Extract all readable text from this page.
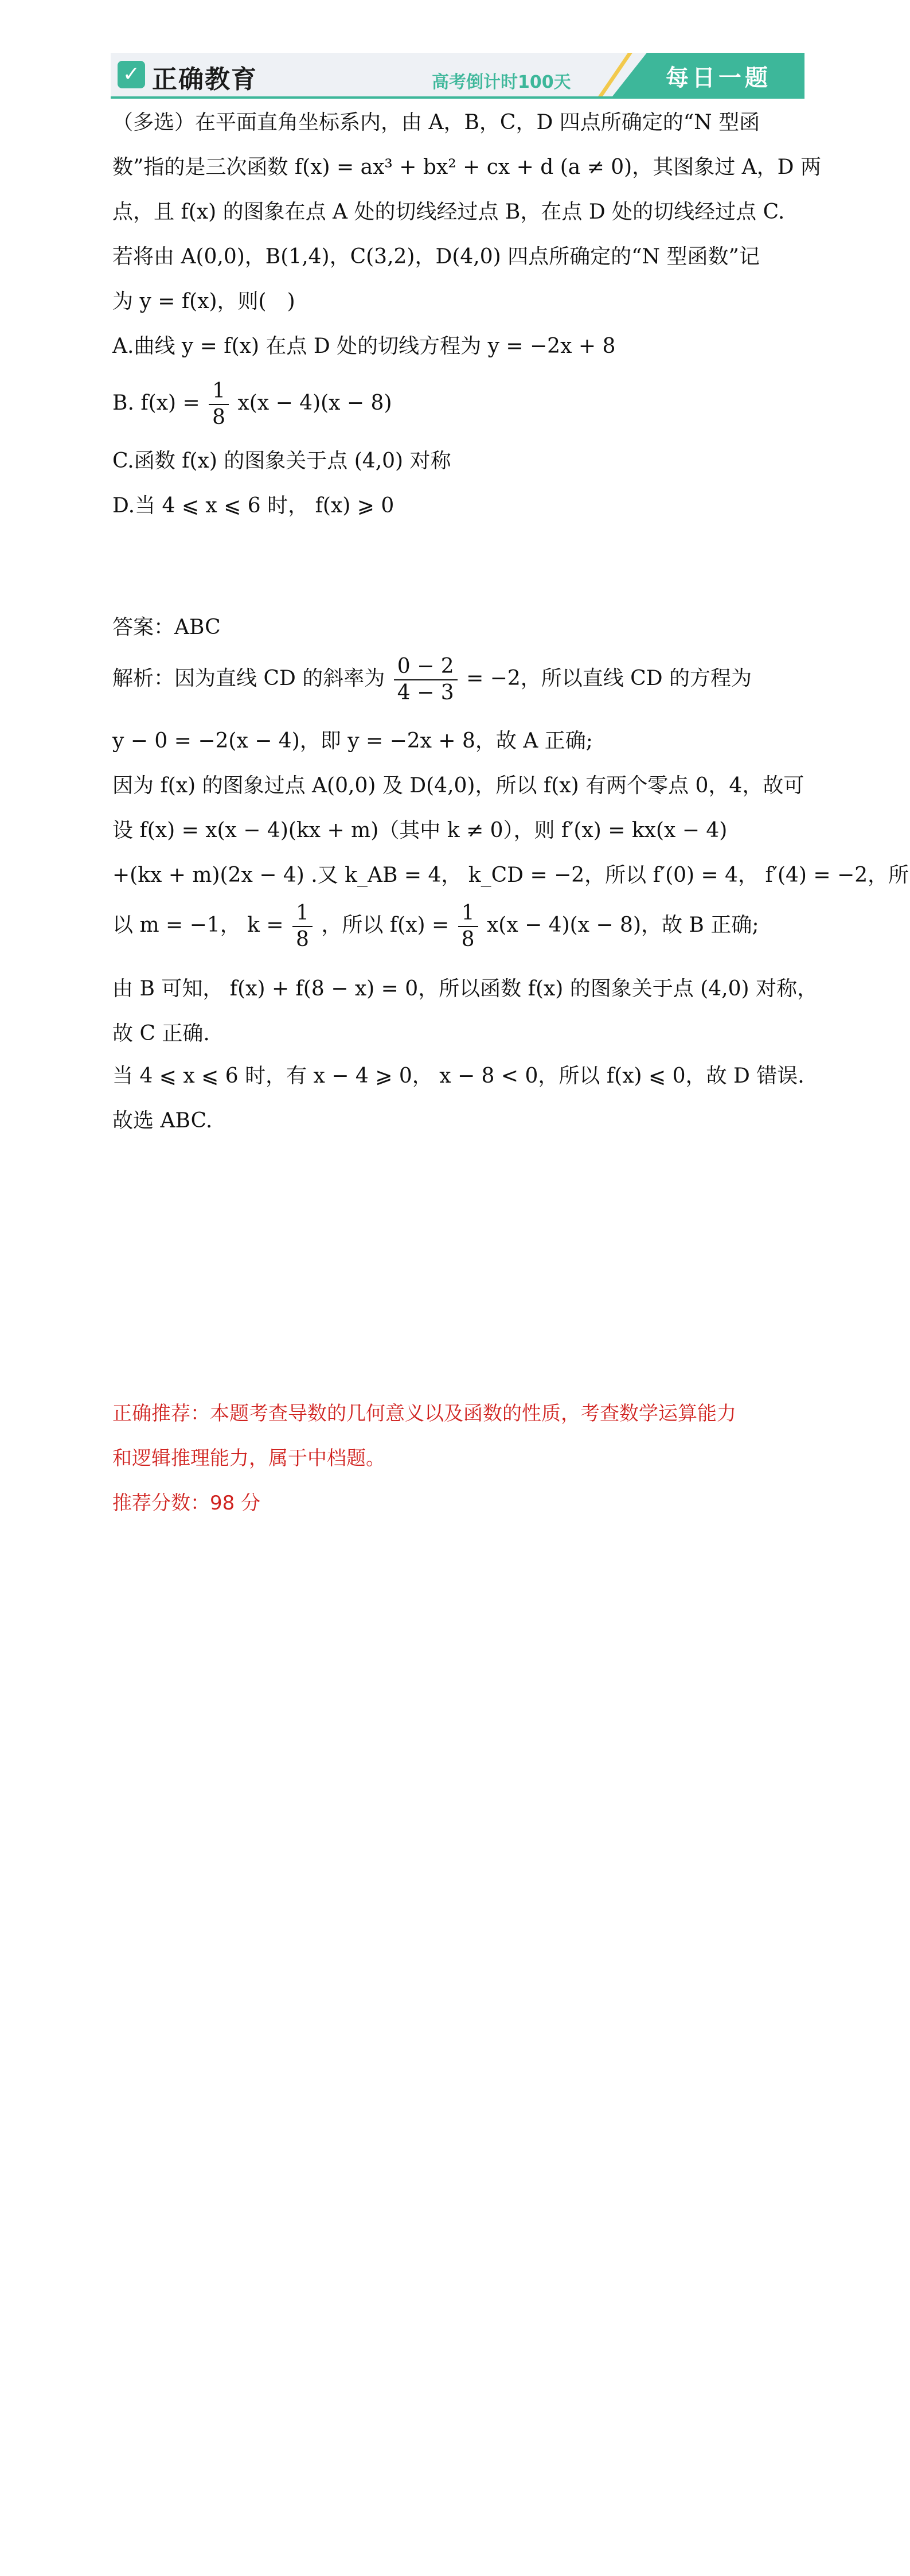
✓ 正确教育	高考倒计时100天	每日一题
（多选）在平面直角坐标系内，由 A，B，C，D 四点所确定的“N 型函
数”指的是三次函数 f(x) = ax³ + bx² + cx + d (a ≠ 0)，其图象过 A，D 两
点，且 f(x) 的图象在点 A 处的切线经过点 B，在点 D 处的切线经过点 C.
若将由 A(0,0)，B(1,4)，C(3,2)，D(4,0) 四点所确定的“N 型函数”记
为 y = f(x)，则(　)
A.曲线 y = f(x) 在点 D 处的切线方程为 y = −2x + 8
B. $f(x) = \frac{1}{8} x(x - 4)(x - 8)$
C.函数 f(x) 的图象关于点 (4,0) 对称
D.当 4 ⩽ x ⩽ 6 时， f(x) ⩾ 0
答案：ABC
解析：因为直线 CD 的斜率为 $\frac{0 - 2}{4 - 3} = -2$，所以直线 CD 的方程为
y − 0 = −2(x − 4)，即 y = −2x + 8，故 A 正确;
因为 f(x) 的图象过点 A(0,0) 及 D(4,0)，所以 f(x) 有两个零点 0，4，故可
设 f(x) = x(x − 4)(kx + m)（其中 k ≠ 0），则 f′(x) = kx(x − 4)
+(kx + m)(2x − 4) .又 k_AB = 4， k_CD = −2，所以 f′(0) = 4， f′(4) = −2，所
以 m = −1， $k = \frac{1}{8}$ ，所以 $f(x) = \frac{1}{8} x(x - 4)(x - 8)$，故 B 正确;
由 B 可知， f(x) + f(8 − x) = 0，所以函数 f(x) 的图象关于点 (4,0) 对称，
故 C 正确.
当 4 ⩽ x ⩽ 6 时，有 x − 4 ⩾ 0， x − 8 < 0，所以 f(x) ⩽ 0，故 D 错误.
故选 ABC.
正确推荐：本题考查导数的几何意义以及函数的性质，考查数学运算能力
和逻辑推理能力，属于中档题。
推荐分数：98 分
